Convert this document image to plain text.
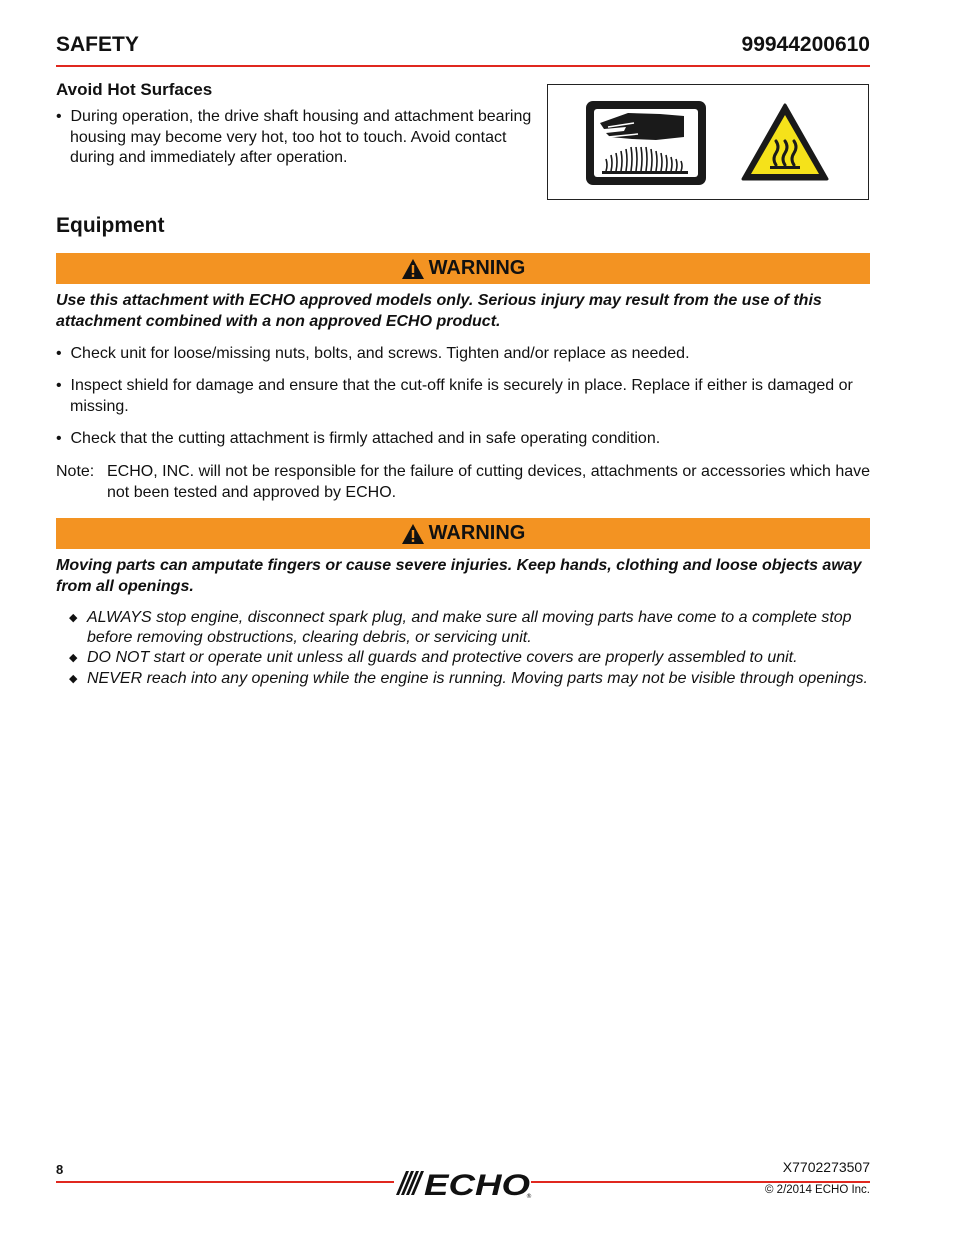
SAFETY	99944200610
Avoid Hot Surfaces
•  During operation, the drive shaft housing and attachment bearing housing may become very hot, too hot to touch. Avoid contact during and immediately after operation.
Equipment
WARNING
Use this attachment with ECHO approved models only. Serious injury may result from the use of this attachment combined with a non approved ECHO product.
•  Check unit for loose/missing nuts, bolts, and screws. Tighten and/or replace as needed.
•  Inspect shield for damage and ensure that the cut-off knife is securely in place. Replace if either is damaged or missing.
•  Check that the cutting attachment is firmly attached and in safe operating condition.
Note: ECHO, INC. will not be responsible for the failure of cutting devices, attachments or accessories which have not been tested and approved by ECHO.
WARNING
Moving parts can amputate fingers or cause severe injuries. Keep hands, clothing and loose objects away from all openings.
◆ ALWAYS stop engine, disconnect spark plug, and make sure all moving parts have come to a complete stop before removing obstructions, clearing debris, or servicing unit.
◆ DO NOT start or operate unit unless all guards and protective covers are properly assembled to unit.
◆ NEVER reach into any opening while the engine is running. Moving parts may not be visible through openings.
8	X7702273507
ECHO
®
© 2/2014 ECHO Inc.
